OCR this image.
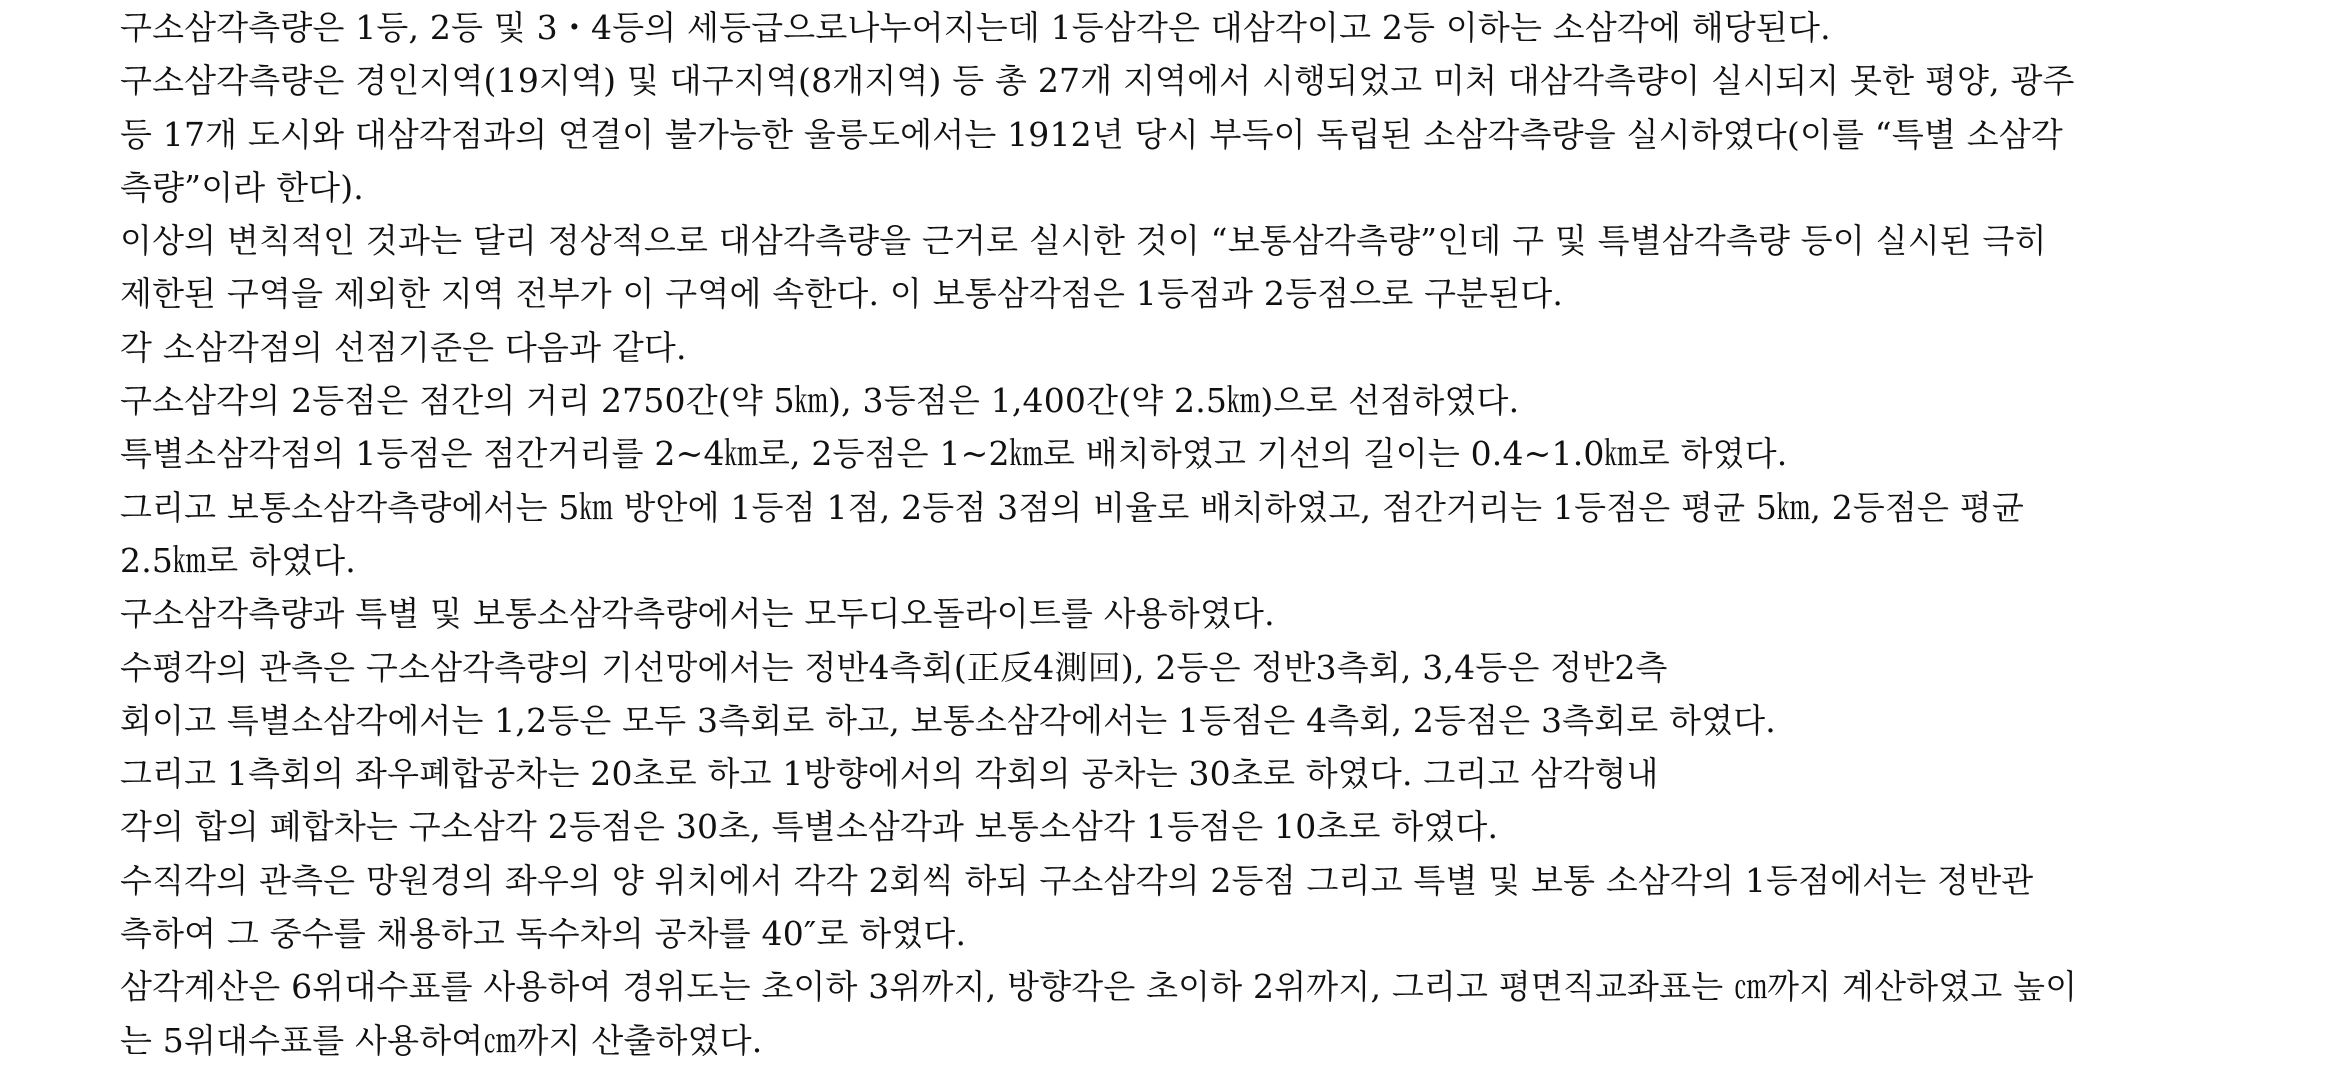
구소삼각측량은 1등, 2등 및 3・4등의 세등급으로나누어지는데 1등삼각은 대삼각이고 2등 이하는 소삼각에 해당된다.
구소삼각측량은 경인지역(19지역) 및 대구지역(8개지역) 등 총 27개 지역에서 시행되었고 미처 대삼각측량이 실시되지 못한 평양, 광주
등 17개 도시와 대삼각점과의 연결이 불가능한 울릉도에서는 1912년 당시 부득이 독립된 소삼각측량을 실시하였다(이를 “특별 소삼각
측량”이라 한다).
이상의 변칙적인 것과는 달리 정상적으로 대삼각측량을 근거로 실시한 것이 “보통삼각측량”인데 구 및 특별삼각측량 등이 실시된 극히
제한된 구역을 제외한 지역 전부가 이 구역에 속한다. 이 보통삼각점은 1등점과 2등점으로 구분된다.
각 소삼각점의 선점기준은 다음과 같다.
구소삼각의 2등점은 점간의 거리 2750간(약 5㎞), 3등점은 1,400간(약 2.5㎞)으로 선점하였다.
특별소삼각점의 1등점은 점간거리를 2~4㎞로, 2등점은 1~2㎞로 배치하였고 기선의 길이는 0.4~1.0㎞로 하였다.
그리고 보통소삼각측량에서는 5㎞ 방안에 1등점 1점, 2등점 3점의 비율로 배치하였고, 점간거리는 1등점은 평균 5㎞, 2등점은 평균
2.5㎞로 하였다.
구소삼각측량과 특별 및 보통소삼각측량에서는 모두디오돌라이트를 사용하였다.
수평각의 관측은 구소삼각측량의 기선망에서는 정반4측회(正反4測回), 2등은 정반3측회, 3,4등은 정반2측
회이고 특별소삼각에서는 1,2등은 모두 3측회로 하고, 보통소삼각에서는 1등점은 4측회, 2등점은 3측회로 하였다.
그리고 1측회의 좌우폐합공차는 20초로 하고 1방향에서의 각회의 공차는 30초로 하였다. 그리고 삼각형내
각의 합의 폐합차는 구소삼각 2등점은 30초, 특별소삼각과 보통소삼각 1등점은 10초로 하였다.
수직각의 관측은 망원경의 좌우의 양 위치에서 각각 2회씩 하되 구소삼각의 2등점 그리고 특별 및 보통 소삼각의 1등점에서는 정반관
측하여 그 중수를 채용하고 독수차의 공차를 40″로 하였다.
삼각계산은 6위대수표를 사용하여 경위도는 초이하 3위까지, 방향각은 초이하 2위까지, 그리고 평면직교좌표는 ㎝까지 계산하였고 높이
는 5위대수표를 사용하여㎝까지 산출하였다.
